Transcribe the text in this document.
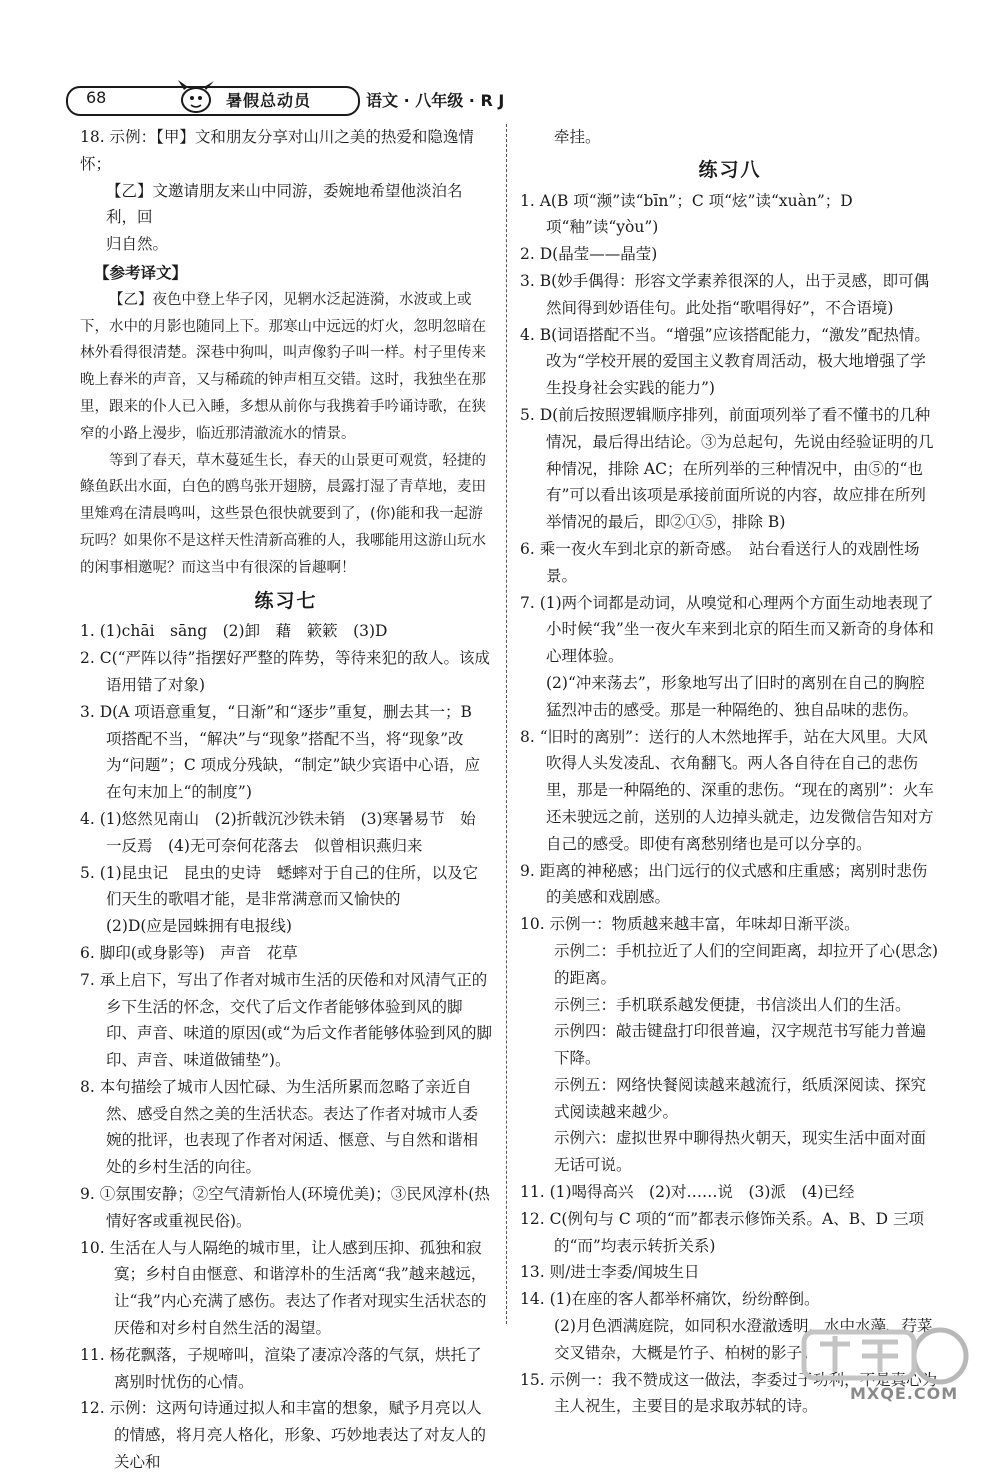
68	暑假总动员	语文 · 八年级 · R J

18. 示例：【甲】文和朋友分享对山川之美的热爱和隐逸情怀；

【乙】文邀请朋友来山中同游，委婉地希望他淡泊名利，回

归自然。

【参考译文】

【乙】夜色中登上华子冈，见辋水泛起涟漪，水波或上或下，水中的月影也随同上下。那寒山中远远的灯火，忽明忽暗在林外看得很清楚。深巷中狗叫，叫声像豹子叫一样。村子里传来晚上舂米的声音，又与稀疏的钟声相互交错。这时，我独坐在那里，跟来的仆人已入睡，多想从前你与我携着手吟诵诗歌，在狭窄的小路上漫步，临近那清澈流水的情景。

等到了春天，草木蔓延生长，春天的山景更可观赏，轻捷的鲦鱼跃出水面，白色的鸥鸟张开翅膀，晨露打湿了青草地，麦田里雉鸡在清晨鸣叫，这些景色很快就要到了，(你)能和我一起游玩吗？如果你不是这样天性清新高雅的人，我哪能用这游山玩水的闲事相邀呢？而这当中有很深的旨趣啊！

练习七

1. (1)chāi　sāng　(2)卸　藉　簌簌　(3)D

2. C(“严阵以待”指摆好严整的阵势，等待来犯的敌人。该成语用错了对象)

3. D(A 项语意重复，“日渐”和“逐步”重复，删去其一；B 项搭配不当，“解决”与“现象”搭配不当，将“现象”改为“问题”；C 项成分残缺，“制定”缺少宾语中心语，应在句末加上“的制度”)

4. (1)悠然见南山　(2)折戟沉沙铁未销　(3)寒暑易节　始

一反焉　(4)无可奈何花落去　似曾相识燕归来

5. (1)昆虫记　昆虫的史诗　蟋蟀对于自己的住所，以及它们天生的歌唱才能，是非常满意而又愉快的

(2)D(应是园蛛拥有电报线)

6. 脚印(或身影等)　声音　花草

7. 承上启下，写出了作者对城市生活的厌倦和对风清气正的乡下生活的怀念，交代了后文作者能够体验到风的脚印、声音、味道的原因(或“为后文作者能够体验到风的脚印、声音、味道做铺垫”)。

8. 本句描绘了城市人因忙碌、为生活所累而忽略了亲近自然、感受自然之美的生活状态。表达了作者对城市人委婉的批评，也表现了作者对闲适、惬意、与自然和谐相处的乡村生活的向往。

9. ①氛围安静；②空气清新怡人(环境优美)；③民风淳朴(热情好客或重视民俗)。

10. 生活在人与人隔绝的城市里，让人感到压抑、孤独和寂寞；乡村自由惬意、和谐淳朴的生活离“我”越来越远，让“我”内心充满了感伤。表达了作者对现实生活状态的厌倦和对乡村自然生活的渴望。

11. 杨花飘落，子规啼叫，渲染了凄凉冷落的气氛，烘托了离别时忧伤的心情。

12. 示例：这两句诗通过拟人和丰富的想象，赋予月亮以人的情感，将月亮人格化，形象、巧妙地表达了对友人的关心和

牵挂。

练习八

1. A(B 项“濒”读“bīn”；C 项“炫”读“xuàn”；D 项“釉”读“yòu”)

2. D(晶莹——晶莹)

3. B(妙手偶得：形容文学素养很深的人，出于灵感，即可偶然间得到妙语佳句。此处指“歌唱得好”，不合语境)

4. B(词语搭配不当。“增强”应该搭配能力，“激发”配热情。改为“学校开展的爱国主义教育周活动，极大地增强了学生投身社会实践的能力”)

5. D(前后按照逻辑顺序排列，前面项列举了看不懂书的几种情况，最后得出结论。③为总起句，先说由经验证明的几种情况，排除 AC；在所列举的三种情况中，由⑤的“也有”可以看出该项是承接前面所说的内容，故应排在所列举情况的最后，即②①⑤，排除 B)

6. 乘一夜火车到北京的新奇感。　站台看送行人的戏剧性场景。

7. (1)两个词都是动词，从嗅觉和心理两个方面生动地表现了小时候“我”坐一夜火车来到北京的陌生而又新奇的身体和心理体验。

(2)“冲来荡去”，形象地写出了旧时的离别在自己的胸腔猛烈冲击的感受。那是一种隔绝的、独自品味的悲伤。

8. “旧时的离别”：送行的人木然地挥手，站在大风里。大风吹得人头发凌乱、衣角翻飞。两人各自待在自己的悲伤里，那是一种隔绝的、深重的悲伤。“现在的离别”：火车还未驶远之前，送别的人边掉头就走，边发微信告知对方自己的感受。即使有离愁别绪也是可以分享的。

9. 距离的神秘感；出门远行的仪式感和庄重感；离别时悲伤的美感和戏剧感。

10. 示例一：物质越来越丰富，年味却日渐平淡。

示例二：手机拉近了人们的空间距离，却拉开了心(思念)的距离。

示例三：手机联系越发便捷，书信淡出人们的生活。

示例四：敲击键盘打印很普遍，汉字规范书写能力普遍下降。

示例五：网络快餐阅读越来越流行，纸质深阅读、探究式阅读越来越少。

示例六：虚拟世界中聊得热火朝天，现实生活中面对面无话可说。

11. (1)喝得高兴　(2)对……说　(3)派　(4)已经

12. C(例句与 C 项的“而”都表示修饰关系。A、B、D 三项的“而”均表示转折关系)

13. 则/进士李委/闻坡生日

14. (1)在座的客人都举杯痛饮，纷纷醉倒。

(2)月色洒满庭院，如同积水澄澈透明，水中水藻、荇菜交叉错杂，大概是竹子、柏树的影子。

15. 示例一：我不赞成这一做法，李委过于功利，不是真心为主人祝生，主要目的是求取苏轼的诗。

MXQE.COM
